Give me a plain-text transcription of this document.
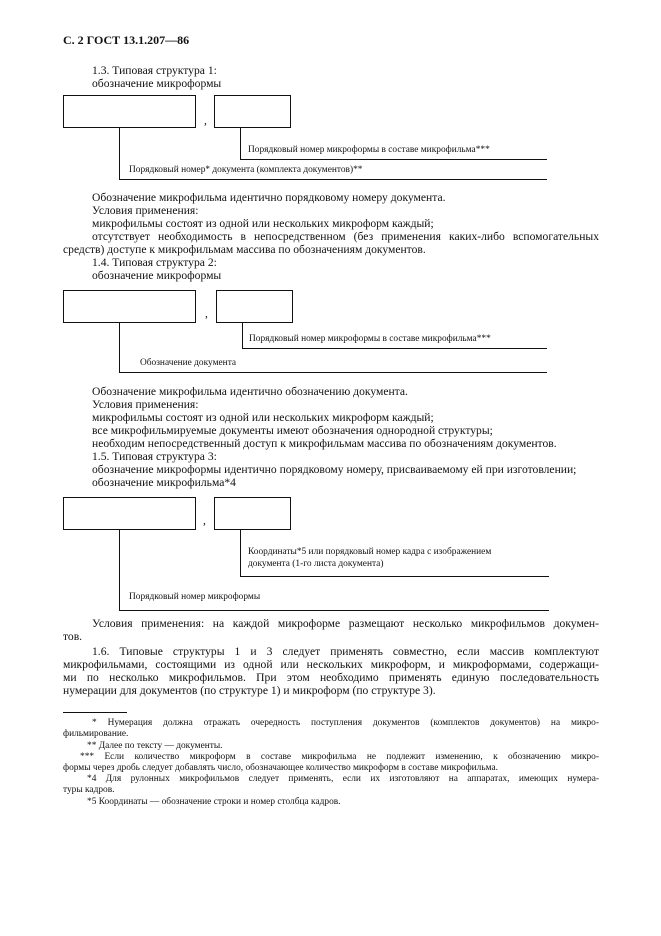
С. 2 ГОСТ 13.1.207—86
1.3. Типовая структура 1:
обозначение микроформы
,
Порядковый номер микроформы в составе микрофильма***
Порядковый номер* документа (комплекта документов)**
Обозначение микрофильма идентично порядковому номеру документа.
Условия применения:
микрофильмы состоят из одной или нескольких микроформ каждый;
отсутствует необходимость в непосредственном (без применения каких-либо вспомогательных
средств) доступе к микрофильмам массива по обозначениям документов.
1.4. Типовая структура 2:
обозначение микроформы
,
Порядковый номер микроформы в составе микрофильма***
Обозначение документа
Обозначение микрофильма идентично обозначению документа.
Условия применения:
микрофильмы состоят из одной или нескольких микроформ каждый;
все микрофильмируемые документы имеют обозначения однородной структуры;
необходим непосредственный доступ к микрофильмам массива по обозначениям документов.
1.5. Типовая структура 3:
обозначение микроформы идентично порядковому номеру, присваиваемому ей при изготовлении;
обозначение микрофильма*4
,
Координаты*5 или порядковый номер кадра с изображением
документа (1-го листа документа)
Порядковый номер микроформы
Условия применения: на каждой микроформе размещают несколько микрофильмов докумен-
тов.
1.6. Типовые структуры 1 и 3 следует применять совместно, если массив комплектуют
микрофильмами, состоящими из одной или нескольких микроформ, и микроформами, содержащи-
ми по несколько микрофильмов. При этом необходимо применять единую последовательность
нумерации для документов (по структуре 1) и микроформ (по структуре 3).
* Нумерация должна отражать очередность поступления документов (комплектов документов) на микро-
фильмирование.
** Далее по тексту — документы.
*** Если количество микроформ в составе микрофильма не подлежит изменению, к обозначению микро-
формы через дробь следует добавлять число, обозначающее количество микроформ в составе микрофильма.
*4 Для рулонных микрофильмов следует применять, если их изготовляют на аппаратах, имеющих нумера-
туры кадров.
*5 Координаты — обозначение строки и номер столбца кадров.
